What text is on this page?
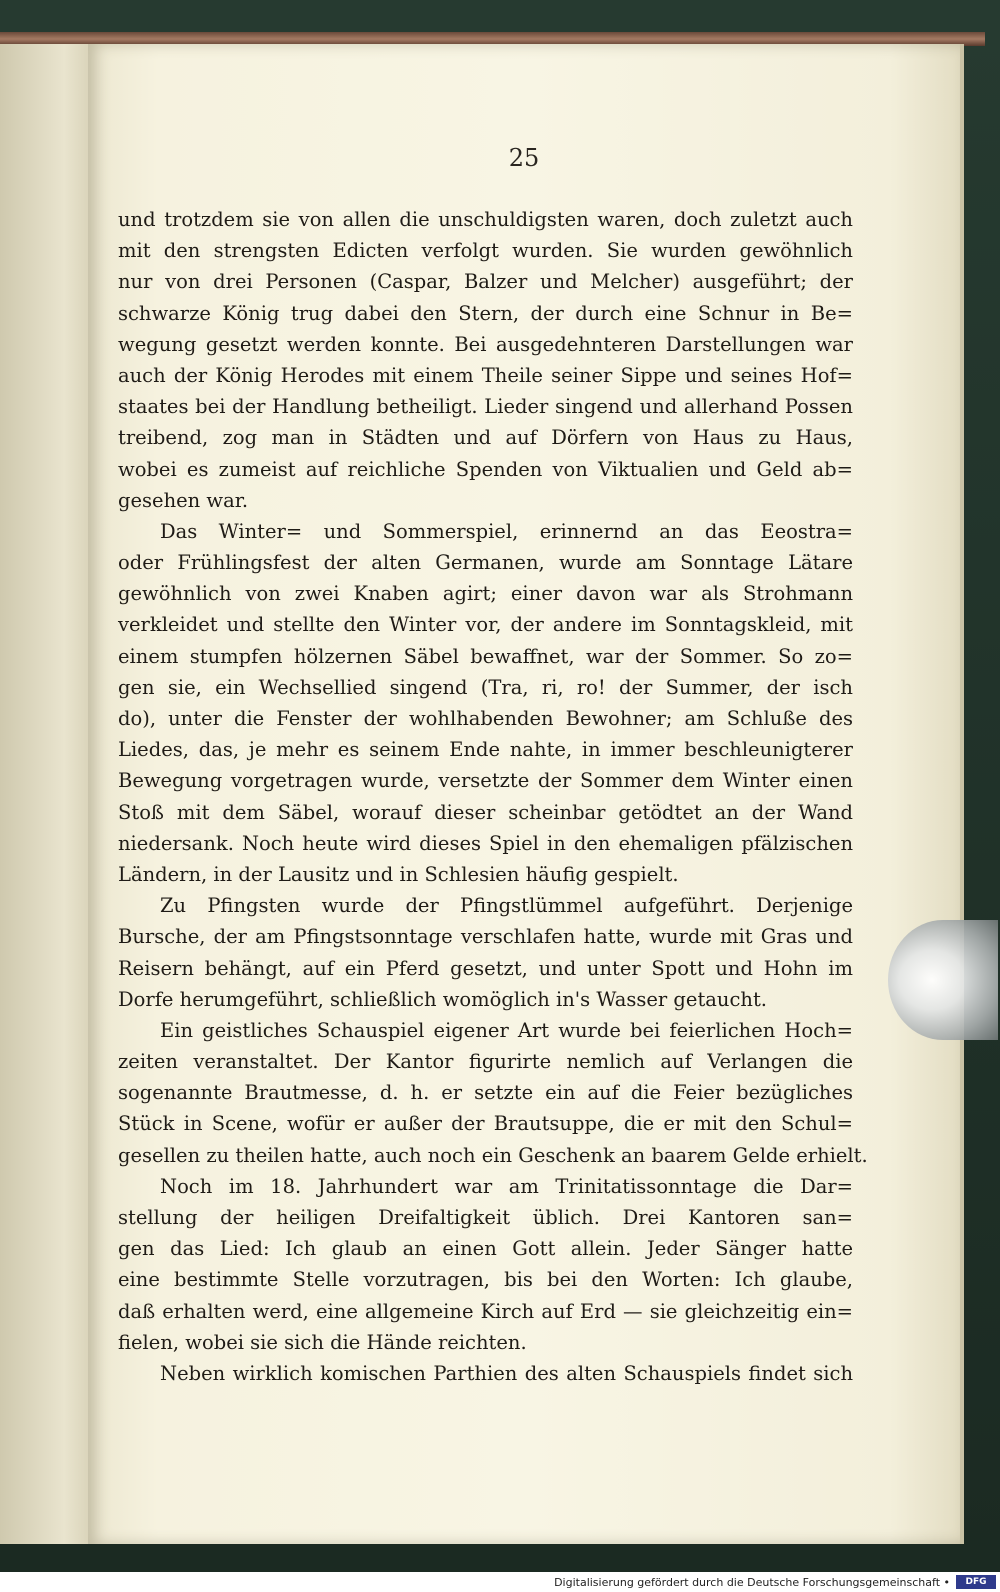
25
und trotzdem sie von allen die unschuldigsten waren, doch zuletzt auch
mit den strengsten Edicten verfolgt wurden. Sie wurden gewöhnlich
nur von drei Personen (Caspar, Balzer und Melcher) ausgeführt; der
schwarze König trug dabei den Stern, der durch eine Schnur in Be=
wegung gesetzt werden konnte. Bei ausgedehnteren Darstellungen war
auch der König Herodes mit einem Theile seiner Sippe und seines Hof=
staates bei der Handlung betheiligt. Lieder singend und allerhand Possen
treibend, zog man in Städten und auf Dörfern von Haus zu Haus,
wobei es zumeist auf reichliche Spenden von Viktualien und Geld ab=
gesehen war.
Das Winter= und Sommerspiel, erinnernd an das Eeostra=
oder Frühlingsfest der alten Germanen, wurde am Sonntage Lätare
gewöhnlich von zwei Knaben agirt; einer davon war als Strohmann
verkleidet und stellte den Winter vor, der andere im Sonntagskleid, mit
einem stumpfen hölzernen Säbel bewaffnet, war der Sommer. So zo=
gen sie, ein Wechsellied singend (Tra, ri, ro! der Summer, der isch
do), unter die Fenster der wohlhabenden Bewohner; am Schluße des
Liedes, das, je mehr es seinem Ende nahte, in immer beschleunigterer
Bewegung vorgetragen wurde, versetzte der Sommer dem Winter einen
Stoß mit dem Säbel, worauf dieser scheinbar getödtet an der Wand
niedersank. Noch heute wird dieses Spiel in den ehemaligen pfälzischen
Ländern, in der Lausitz und in Schlesien häufig gespielt.
Zu Pfingsten wurde der Pfingstlümmel aufgeführt. Derjenige
Bursche, der am Pfingstsonntage verschlafen hatte, wurde mit Gras und
Reisern behängt, auf ein Pferd gesetzt, und unter Spott und Hohn im
Dorfe herumgeführt, schließlich womöglich in's Wasser getaucht.
Ein geistliches Schauspiel eigener Art wurde bei feierlichen Hoch=
zeiten veranstaltet. Der Kantor figurirte nemlich auf Verlangen die
sogenannte Brautmesse, d. h. er setzte ein auf die Feier bezügliches
Stück in Scene, wofür er außer der Brautsuppe, die er mit den Schul=
gesellen zu theilen hatte, auch noch ein Geschenk an baarem Gelde erhielt.
Noch im 18. Jahrhundert war am Trinitatissonntage die Dar=
stellung der heiligen Dreifaltigkeit üblich. Drei Kantoren san=
gen das Lied: Ich glaub an einen Gott allein. Jeder Sänger hatte
eine bestimmte Stelle vorzutragen, bis bei den Worten: Ich glaube,
daß erhalten werd, eine allgemeine Kirch auf Erd — sie gleichzeitig ein=
fielen, wobei sie sich die Hände reichten.
Neben wirklich komischen Parthien des alten Schauspiels findet sich
Digitalisierung gefördert durch die Deutsche Forschungsgemeinschaft •	DFG
